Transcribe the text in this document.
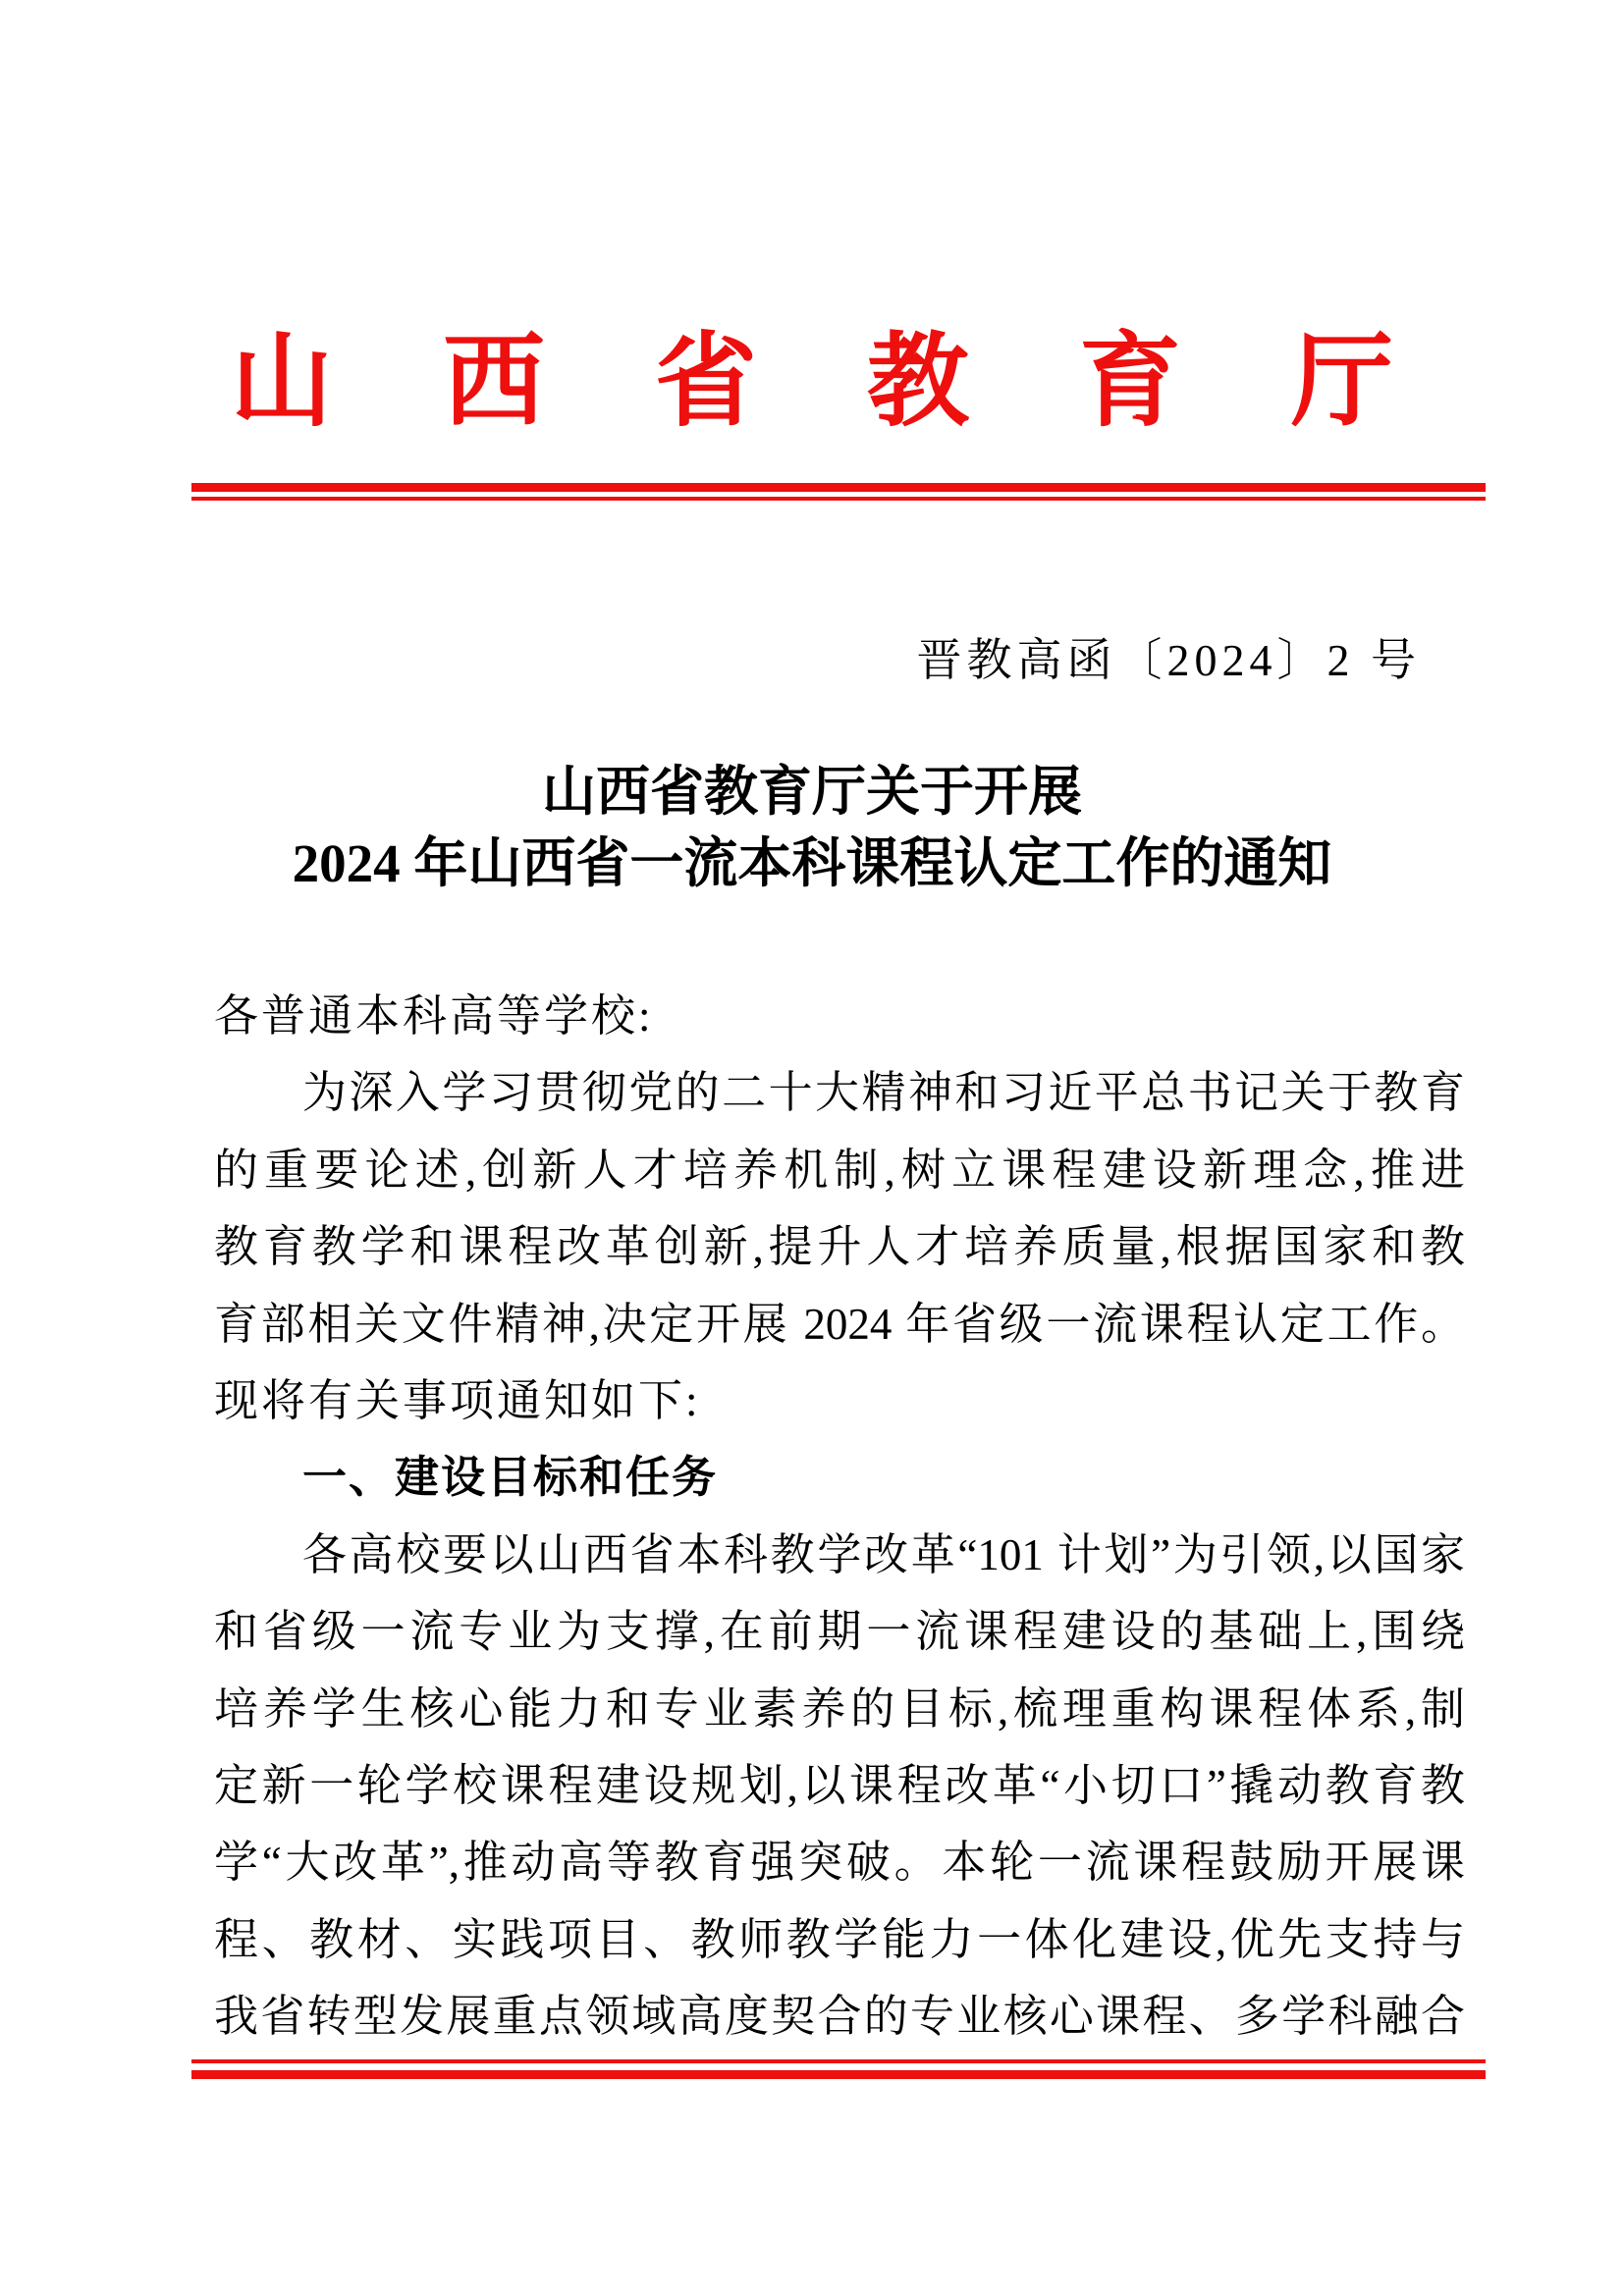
山 西 省 教 育 厅
晋教高函〔2024〕2 号
山西省教育厅关于开展
2024 年山西省一流本科课程认定工作的通知
各普通本科高等学校:
为深入学习贯彻党的二十大精神和习近平总书记关于教育
的重要论述,创新人才培养机制,树立课程建设新理念,推进
教育教学和课程改革创新,提升人才培养质量,根据国家和教
育部相关文件精神,决定开展 2024 年省级一流课程认定工作。
现将有关事项通知如下:
一、建设目标和任务
各高校要以山西省本科教学改革“101 计划”为引领,以国家
和省级一流专业为支撑,在前期一流课程建设的基础上,围绕
培养学生核心能力和专业素养的目标,梳理重构课程体系,制
定新一轮学校课程建设规划,以课程改革“小切口”撬动教育教
学“大改革”,推动高等教育强突破。本轮一流课程鼓励开展课
程、教材、实践项目、教师教学能力一体化建设,优先支持与
我省转型发展重点领域高度契合的专业核心课程、多学科融合
